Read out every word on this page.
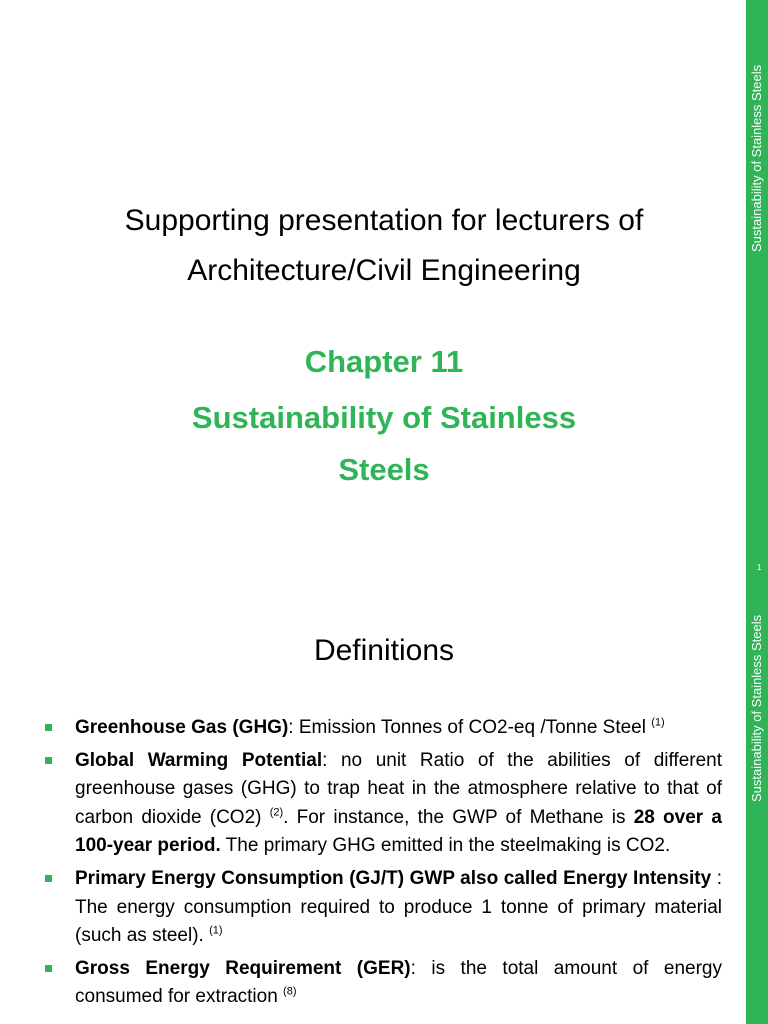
Sustainability of Stainless Steels
Sustainability of Stainless Steels
1

Supporting presentation for lecturers of

Architecture/Civil Engineering

Chapter 11
Sustainability of Stainless
Steels
Definitions
Greenhouse Gas (GHG): Emission Tonnes of CO2-eq /Tonne Steel $^{(1)}$
Global Warming Potential: no unit Ratio of the abilities of different greenhouse gases (GHG) to trap heat in the atmosphere relative to that of carbon dioxide (CO2) $^{(2)}$. For instance, the GWP of Methane is 28 over a 100-year period. The primary GHG emitted in the steelmaking is CO2.
Primary Energy Consumption (GJ/T) GWP also called Energy Intensity : The energy consumption required to produce 1 tonne of primary material (such as steel). $^{(1)}$
Gross Energy Requirement (GER): is the total amount of energy consumed for extraction $^{(8)}$
